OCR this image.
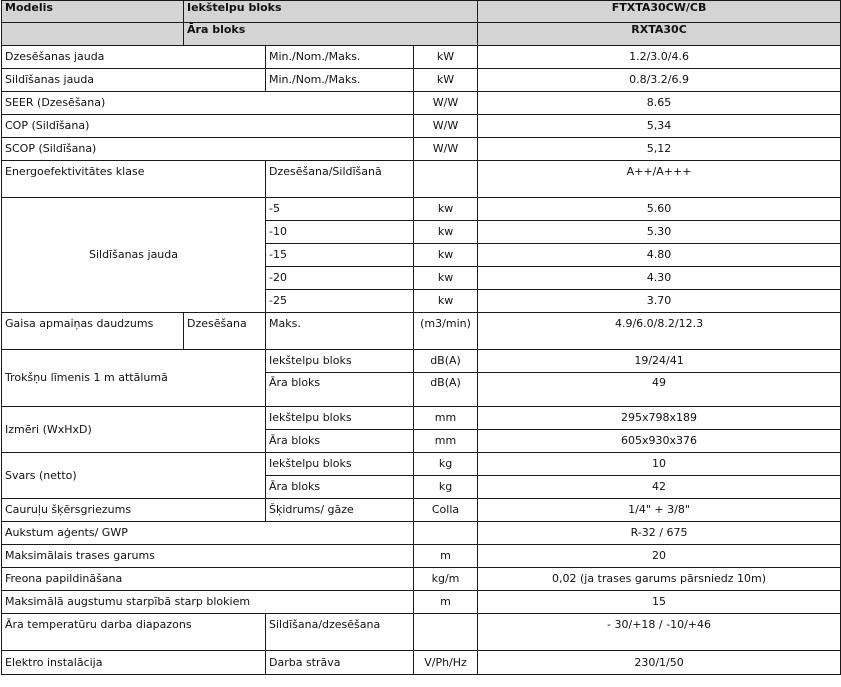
Modelis	Iekštelpu bloks			FTXTA30CW/CB
	Āra bloks			RXTA30C
Dzesēšanas jauda		Min./Nom./Maks.	kW	1.2/3.0/4.6
Sildīšanas jauda		Min./Nom./Maks.	kW	0.8/3.2/6.9
SEER (Dzesēšana)			W/W	8.65
COP (Sildīšana)			W/W	5,34
SCOP (Sildīšana)			W/W	5,12
Energoefektivitātes klase		Dzesēšana/Sildīšanā		A++/A+++
Sildīšanas jauda		-5	kw	5.60
		-10	kw	5.30
		-15	kw	4.80
		-20	kw	4.30
		-25	kw	3.70
Gaisa apmaiņas daudzums	Dzesēšana	Maks.	(m3/min)	4.9/6.0/8.2/12.3
Trokšņu līmenis 1 m attālumā		Iekštelpu bloks	dB(A)	19/24/41
		Āra bloks	dB(A)	49
Izmēri (WxHxD)		Iekštelpu bloks	mm	295x798x189
		Āra bloks	mm	605x930x376
Svars (netto)		Iekštelpu bloks	kg	10
		Āra bloks	kg	42
Cauruļu šķērsgriezums		Šķidrums/ gāze	Colla	1/4" + 3/8"
Aukstum aģents/ GWP				R-32 / 675
Maksimālais trases garums			m	20
Freona papildināšana			kg/m	0,02 (ja trases garums pārsniedz 10m)
Maksimālā augstumu starpībā starp blokiem			m	15
Āra temperatūru darba diapazons		Sildīšana/dzesēšana		- 30/+18 / -10/+46
Elektro instalācija		Darba strāva	V/Ph/Hz	230/1/50
